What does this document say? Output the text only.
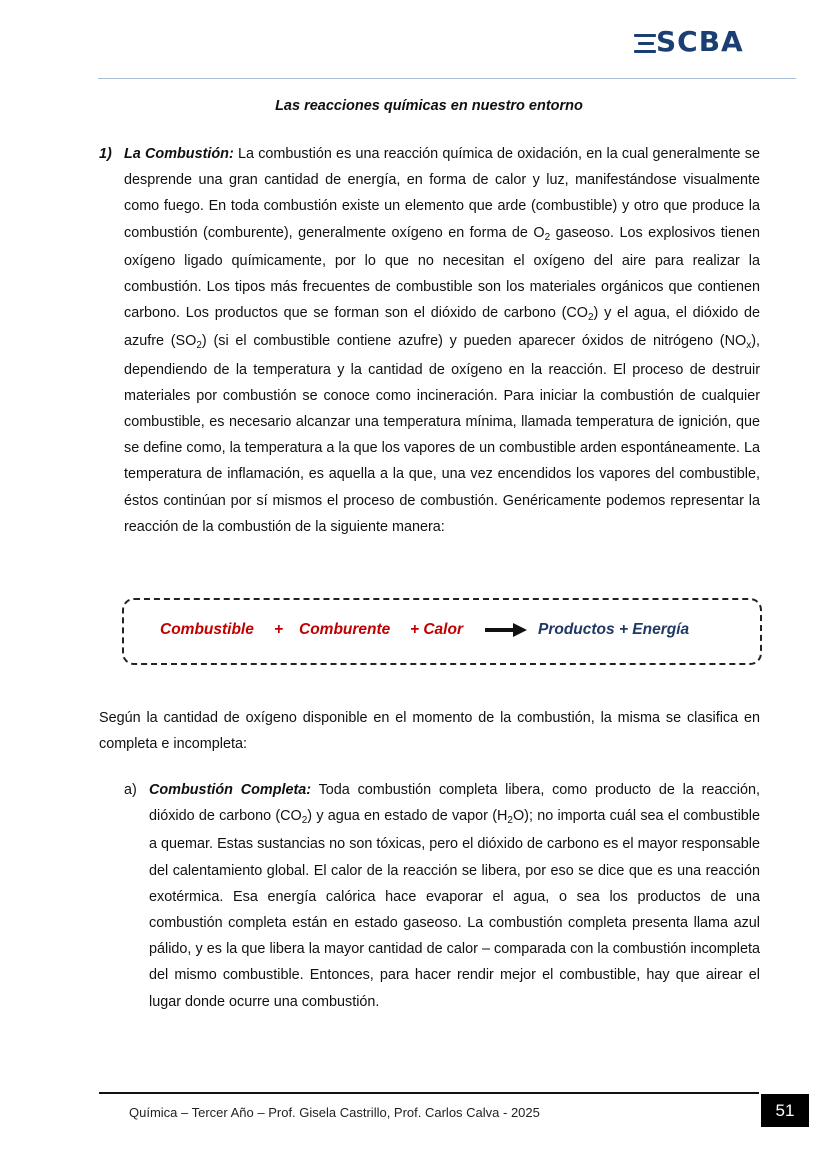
SCBA
Las reacciones químicas en nuestro entorno
1) La Combustión: La combustión es una reacción química de oxidación, en la cual generalmente se desprende una gran cantidad de energía, en forma de calor y luz, manifestándose visualmente como fuego. En toda combustión existe un elemento que arde (combustible) y otro que produce la combustión (comburente), generalmente oxígeno en forma de $O_2$ gaseoso. Los explosivos tienen oxígeno ligado químicamente, por lo que no necesitan el oxígeno del aire para realizar la combustión. Los tipos más frecuentes de combustible son los materiales orgánicos que contienen carbono. Los productos que se forman son el dióxido de carbono $(CO_2)$ y el agua, el dióxido de azufre $(SO_2)$ (si el combustible contiene azufre) y pueden aparecer óxidos de nitrógeno $(NO_x)$, dependiendo de la temperatura y la cantidad de oxígeno en la reacción. El proceso de destruir materiales por combustión se conoce como incineración. Para iniciar la combustión de cualquier combustible, es necesario alcanzar una temperatura mínima, llamada temperatura de ignición, que se define como, la temperatura a la que los vapores de un combustible arden espontáneamente. La temperatura de inflamación, es aquella a la que, una vez encendidos los vapores del combustible, éstos continúan por sí mismos el proceso de combustión. Genéricamente podemos representar la reacción de la combustión de la siguiente manera:

Combustible + Comburente + Calor	Productos + Energía

Según la cantidad de oxígeno disponible en el momento de la combustión, la misma se clasifica en completa e incompleta:

a) Combustión Completa: Toda combustión completa libera, como producto de la reacción, dióxido de carbono $(CO_2)$ y agua en estado de vapor $(H_2O)$; no importa cuál sea el combustible a quemar. Estas sustancias no son tóxicas, pero el dióxido de carbono es el mayor responsable del calentamiento global. El calor de la reacción se libera, por eso se dice que es una reacción exotérmica. Esa energía calórica hace evaporar el agua, o sea los productos de una combustión completa están en estado gaseoso. La combustión completa presenta llama azul pálido, y es la que libera la mayor cantidad de calor – comparada con la combustión incompleta del mismo combustible. Entonces, para hacer rendir mejor el combustible, hay que airear el lugar donde ocurre una combustión.

Química – Tercer Año – Prof. Gisela Castrillo, Prof. Carlos Calva - 2025	51
